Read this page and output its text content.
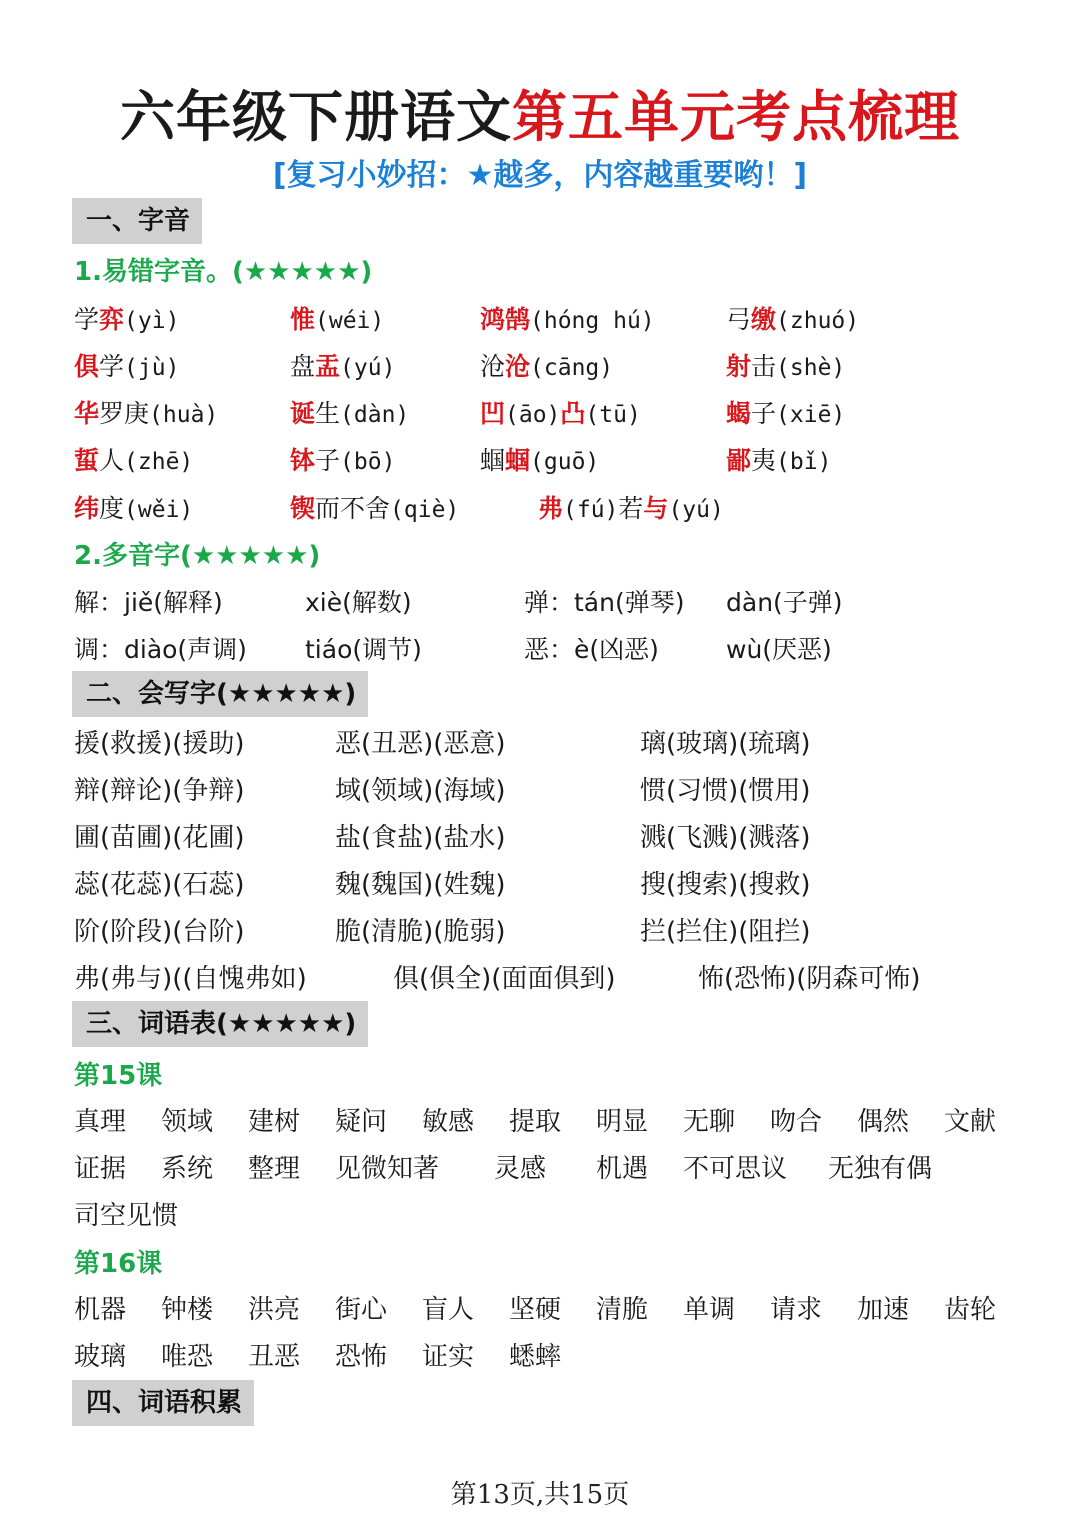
六年级下册语文第五单元考点梳理
[复习小妙招：★越多，内容越重要哟！]
一、字音
1.易错字音。(★★★★★)
学弈(yì)	惟(wéi)	鸿鹄(hóng hú)	弓缴(zhuó)
俱学(jù)	盘盂(yú)	沧沧(cāng)	射击(shè)
华罗庚(huà)	诞生(dàn)	凹(āo)凸(tū)	蝎子(xiē)
蜇人(zhē)	钵子(bō)	蝈蝈(guō)	鄙夷(bǐ)
纬度(wěi)	锲而不舍(qiè)	弗(fú)若与(yú)
2.多音字(★★★★★)
解：jiě(解释)	xiè(解数)	弹：tán(弹琴) dàn(子弹)
调：diào(声调) tiáo(调节)	恶：è(凶恶)	wù(厌恶)
二、会写字(★★★★★)
援(救援)(援助)	恶(丑恶)(恶意)	璃(玻璃)(琉璃)
辩(辩论)(争辩)	域(领域)(海域)	惯(习惯)(惯用)
圃(苗圃)(花圃)	盐(食盐)(盐水)	溅(飞溅)(溅落)
蕊(花蕊)(石蕊)	魏(魏国)(姓魏)	搜(搜索)(搜救)
阶(阶段)(台阶)	脆(清脆)(脆弱)	拦(拦住)(阻拦)
弗(弗与)((自愧弗如)	俱(俱全)(面面俱到)	怖(恐怖)(阴森可怖)
三、词语表(★★★★★)
第15课
真理 领域 建树 疑问 敏感 提取 明显 无聊 吻合 偶然 文献
证据 系统 整理 见微知著 灵感 机遇 不可思议 无独有偶
司空见惯
第16课
机器 钟楼 洪亮 街心 盲人 坚硬 清脆 单调 请求 加速 齿轮
玻璃 唯恐 丑恶 恐怖 证实 蟋蟀
四、词语积累
第13页,共15页
